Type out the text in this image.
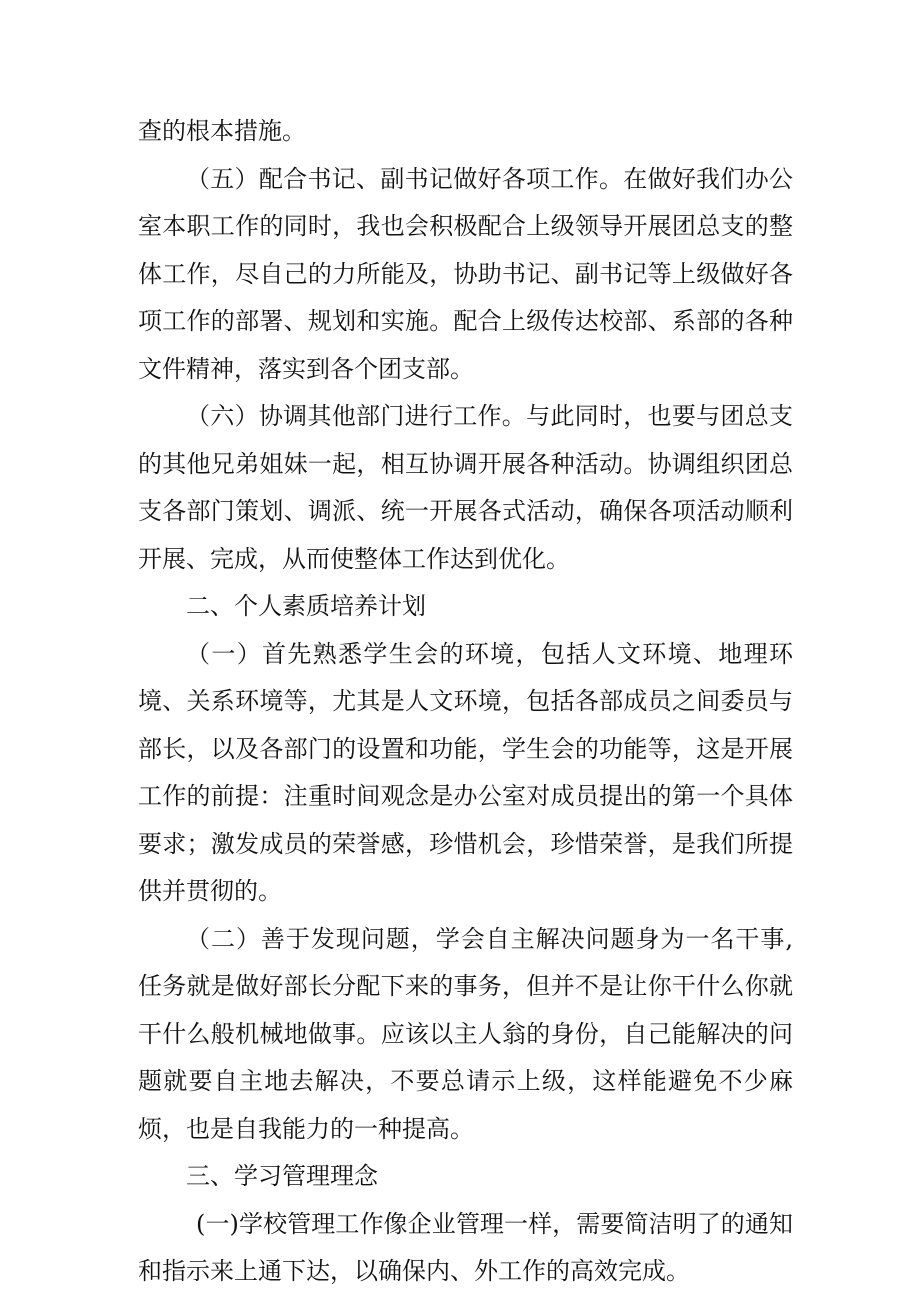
查的根本措施。

（五）配合书记、副书记做好各项工作。在做好我们办公室本职工作的同时，我也会积极配合上级领导开展团总支的整体工作，尽自己的力所能及，协助书记、副书记等上级做好各项工作的部署、规划和实施。配合上级传达校部、系部的各种文件精神，落实到各个团支部。

（六）协调其他部门进行工作。与此同时，也要与团总支的其他兄弟姐妹一起，相互协调开展各种活动。协调组织团总支各部门策划、调派、统一开展各式活动，确保各项活动顺利开展、完成，从而使整体工作达到优化。

二、个人素质培养计划

（一）首先熟悉学生会的环境，包括人文环境、地理环境、关系环境等，尤其是人文环境，包括各部成员之间委员与部长，以及各部门的设置和功能，学生会的功能等，这是开展工作的前提：注重时间观念是办公室对成员提出的第一个具体要求；激发成员的荣誉感，珍惜机会，珍惜荣誉，是我们所提供并贯彻的。

（二）善于发现问题，学会自主解决问题身为一名干事,任务就是做好部长分配下来的事务，但并不是让你干什么你就干什么般机械地做事。应该以主人翁的身份，自己能解决的问题就要自主地去解决，不要总请示上级，这样能避免不少麻烦，也是自我能力的一种提高。

三、学习管理理念

(一)学校管理工作像企业管理一样，需要简洁明了的通知和指示来上通下达，以确保内、外工作的高效完成。
